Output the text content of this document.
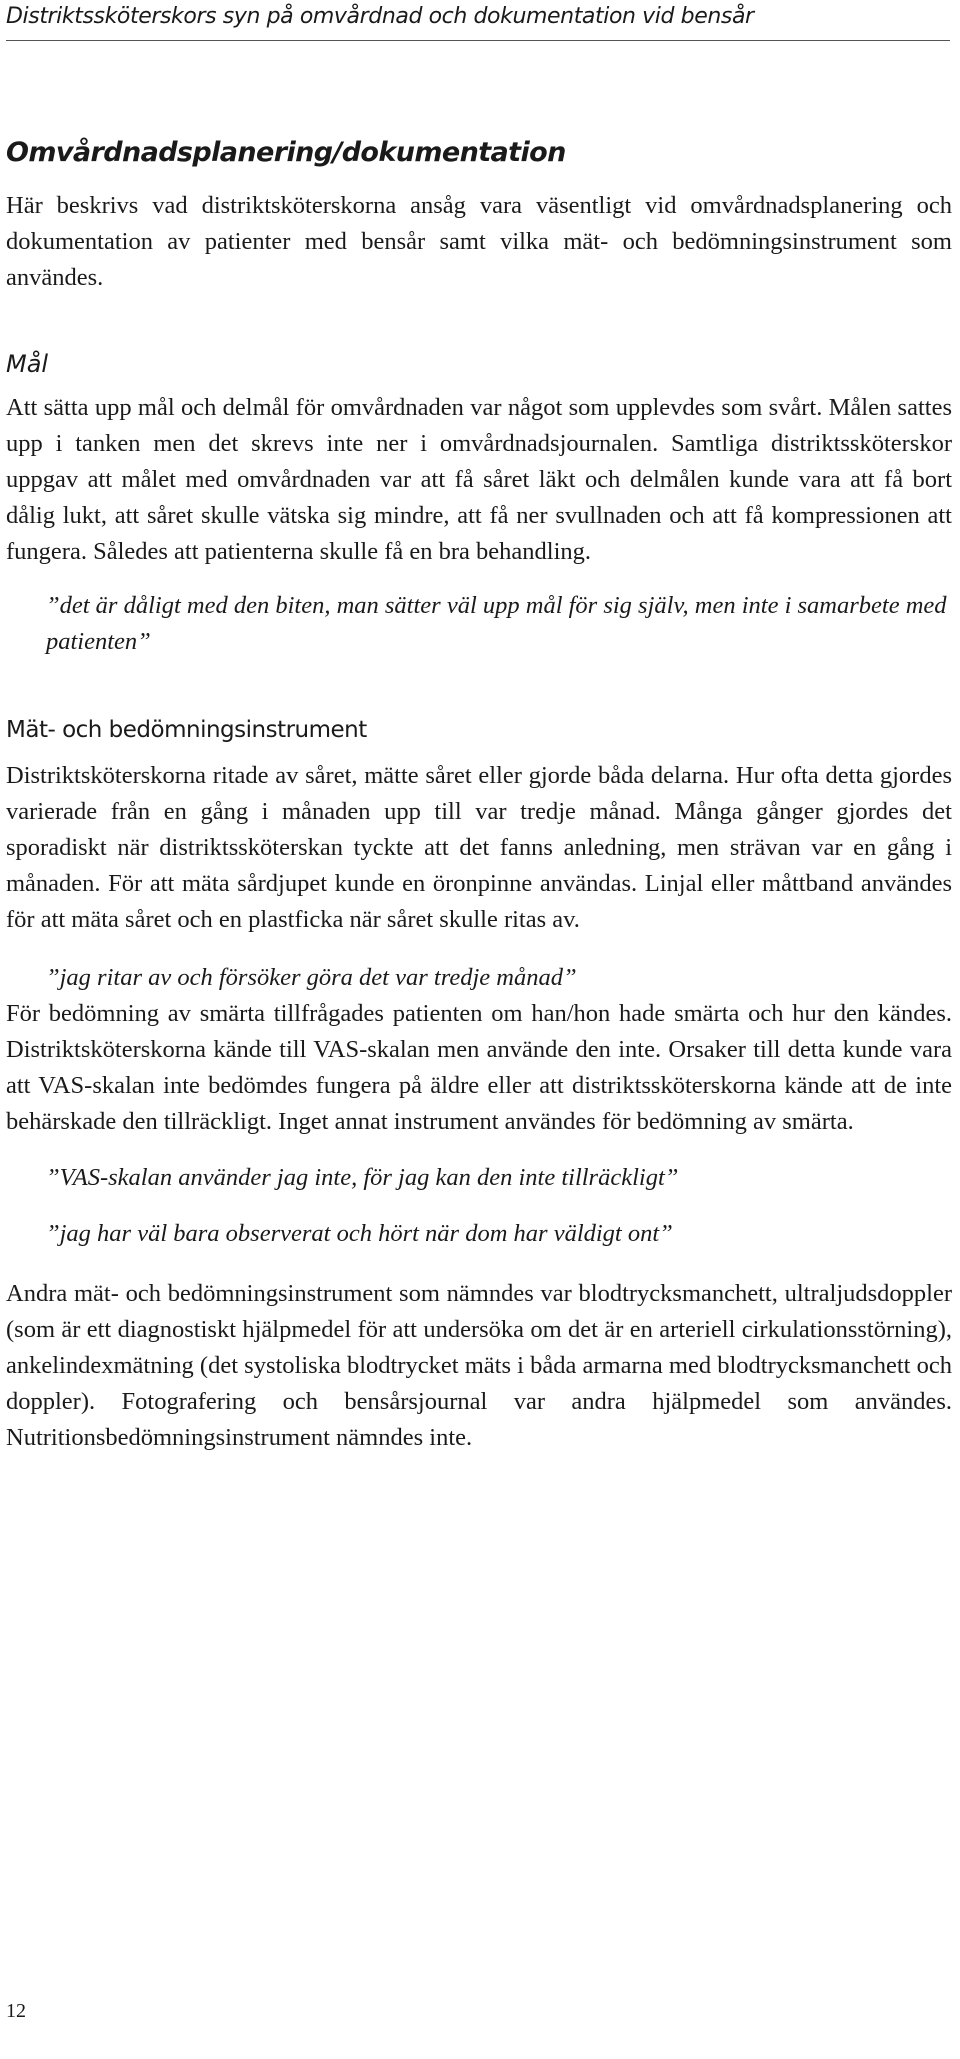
Distriktssköterskors syn på omvårdnad och dokumentation vid bensår
Omvårdnadsplanering/dokumentation

Här beskrivs vad distriktsköterskorna ansåg vara väsentligt vid omvårdnadsplanering och dokumentation av patienter med bensår samt vilka mät- och bedömningsinstrument som användes.

Mål

Att sätta upp mål och delmål för omvårdnaden var något som upplevdes som svårt. Målen sattes upp i tanken men det skrevs inte ner i omvårdnadsjournalen. Samtliga distriktssköterskor uppgav att målet med omvårdnaden var att få såret läkt och delmålen kunde vara att få bort dålig lukt, att såret skulle vätska sig mindre, att få ner svullnaden och att få kompressionen att fungera. Således att patienterna skulle få en bra behandling.

”det är dåligt med den biten, man sätter väl upp mål för sig själv, men inte i samarbete med patienten”

Mät- och bedömningsinstrument

Distriktsköterskorna ritade av såret, mätte såret eller gjorde båda delarna. Hur ofta detta gjordes varierade från en gång i månaden upp till var tredje månad. Många gånger gjordes det sporadiskt när distriktssköterskan tyckte att det fanns anledning, men strävan var en gång i månaden. För att mäta sårdjupet kunde en öronpinne användas. Linjal eller måttband användes för att mäta såret och en plastficka när såret skulle ritas av.

”jag ritar av och försöker göra det var tredje månad”

För bedömning av smärta tillfrågades patienten om han/hon hade smärta och hur den kändes. Distriktsköterskorna kände till VAS-skalan men använde den inte. Orsaker till detta kunde vara att VAS-skalan inte bedömdes fungera på äldre eller att distriktssköterskorna kände att de inte behärskade den tillräckligt. Inget annat instrument användes för bedömning av smärta.

”VAS-skalan använder jag inte, för jag kan den inte tillräckligt”

”jag har väl bara observerat och hört när dom har väldigt ont”

Andra mät- och bedömningsinstrument som nämndes var blodtrycksmanchett, ultraljudsdoppler (som är ett diagnostiskt hjälpmedel för att undersöka om det är en arteriell cirkulationsstörning), ankelindexmätning (det systoliska blodtrycket mäts i båda armarna med blodtrycksmanchett och doppler). Fotografering och bensårsjournal var andra hjälpmedel som användes. Nutritionsbedömningsinstrument nämndes inte.

12
